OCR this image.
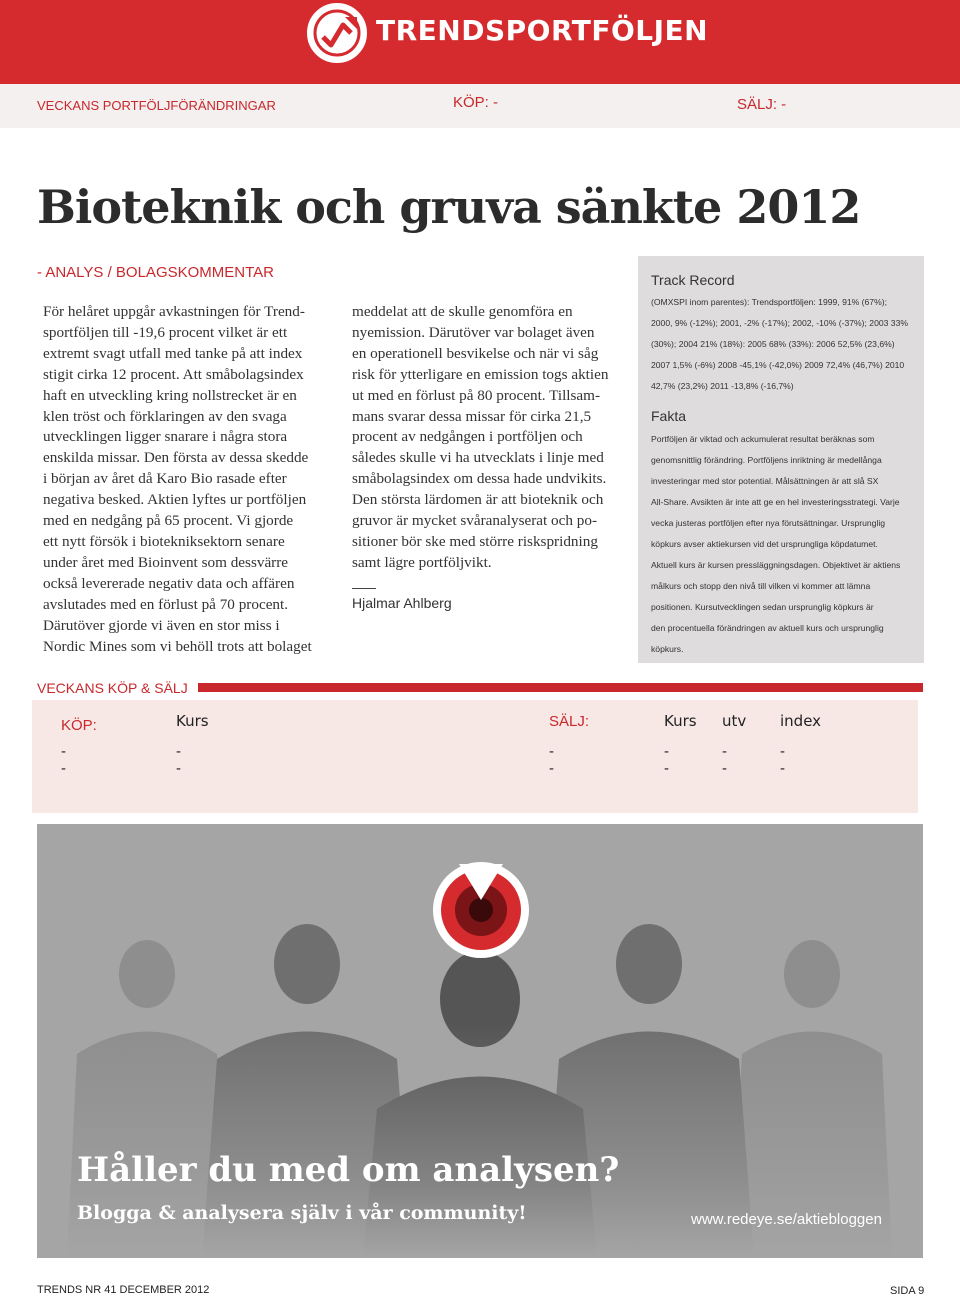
TRENDSPORTFÖLJEN
VECKANS PORTFÖLJFÖRÄNDRINGAR	KÖP: -	SÄLJ: -
Bioteknik och gruva sänkte 2012
- ANALYS / BOLAGSKOMMENTAR

För helåret uppgår avkastningen för Trend-

sportföljen till -19,6 procent vilket är ett

extremt svagt utfall med tanke på att index

stigit cirka 12 procent. Att småbolagsindex

haft en utveckling kring nollstrecket är en

klen tröst och förklaringen av den svaga

utvecklingen ligger snarare i några stora

enskilda missar. Den första av dessa skedde

i början av året då Karo Bio rasade efter

negativa besked. Aktien lyftes ur portföljen

med en nedgång på 65 procent. Vi gjorde

ett nytt försök i biotekniksektorn senare

under året med Bioinvent som dessvärre

också levererade negativ data och affären

avslutades med en förlust på 70 procent.

Därutöver gjorde vi även en stor miss i

Nordic Mines som vi behöll trots att bolaget

meddelat att de skulle genomföra en

nyemission. Därutöver var bolaget även

en operationell besvikelse och när vi såg

risk för ytterligare en emission togs aktien

ut med en förlust på 80 procent. Tillsam-

mans svarar dessa missar för cirka 21,5

procent av nedgången i portföljen och

således skulle vi ha utvecklats i linje med

småbolagsindex om dessa hade undvikits.

Den största lärdomen är att bioteknik och

gruvor är mycket svåranalyserat och po-

sitioner bör ske med större riskspridning

samt lägre portföljvikt.

Hjalmar Ahlberg
Track Record
(OMXSPI inom parentes): Trendsportföljen: 1999, 91% (67%);
2000, 9% (-12%); 2001, -2% (-17%); 2002, -10% (-37%); 2003 33%
(30%); 2004 21% (18%): 2005 68% (33%): 2006 52,5% (23,6%)
2007 1,5% (-6%) 2008 -45,1% (-42,0%) 2009 72,4% (46,7%) 2010
42,7% (23,2%) 2011 -13,8% (-16,7%)
Fakta
Portföljen är viktad och ackumulerat resultat beräknas som
genomsnittlig förändring. Portföljens inriktning är medellånga
investeringar med stor potential. Målsättningen är att slå SX
All-Share. Avsikten är inte att ge en hel investeringsstrategi. Varje
vecka justeras portföljen efter nya förutsättningar. Ursprunglig
köpkurs avser aktiekursen vid det ursprungliga köpdatumet.
Aktuell kurs är kursen pressläggningsdagen. Objektivet är aktiens
målkurs och stopp den nivå till vilken vi kommer att lämna
positionen. Kursutvecklingen sedan ursprunglig köpkurs är
den procentuella förändringen av aktuell kurs och ursprunglig
köpkurs.
VECKANS KÖP & SÄLJ
KÖP:	Kurs	SÄLJ:	Kurs utv index
-	-
-	-
-	-	-	-
-	-	-	-
Håller du med om analysen?
Blogga & analysera själv i vår community!	www.redeye.se/aktiebloggen
TRENDS NR 41 DECEMBER 2012	SIDA 9
